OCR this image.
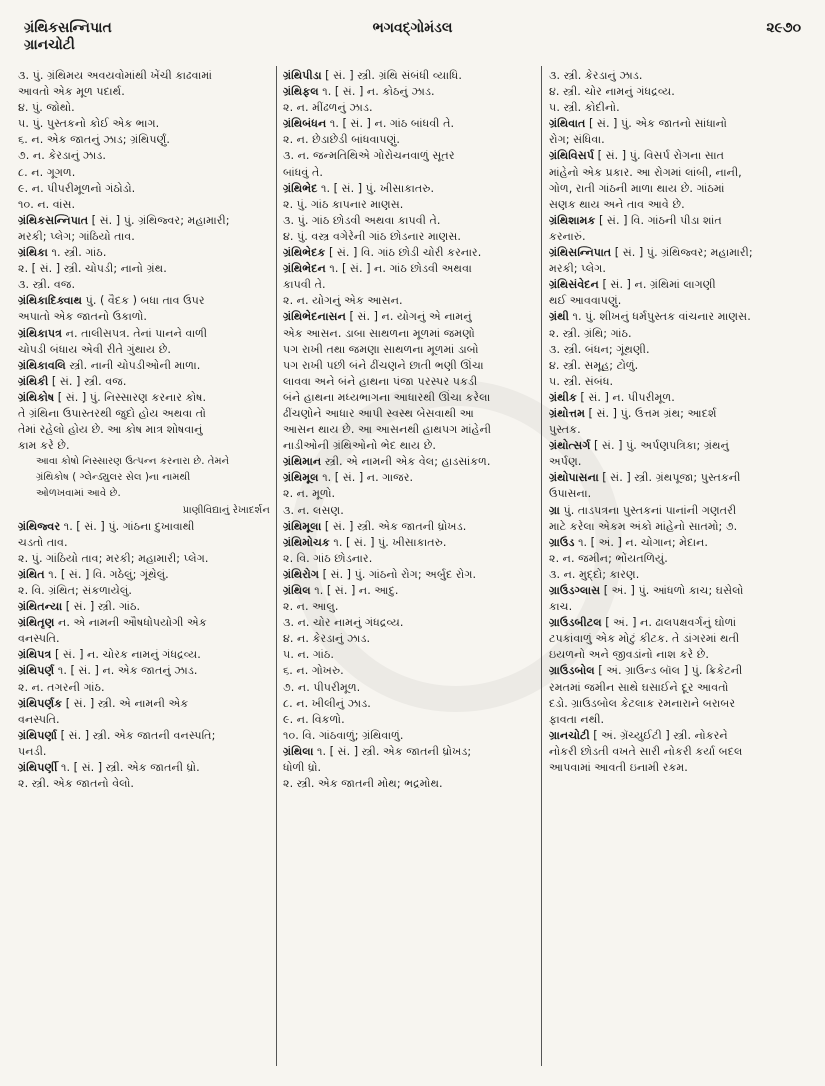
ગ્રંથિકસન્નિપાત
ગ્રાનચોટી
ભગવદ્ગોમંડલ	૨૯૭૦
૩. પું. ગ્રંથિમય અવયવોમાંથી ખેંચી કાઢવામાં
આવતો એક મૂળ પદાર્થ.
૪. પું. જોથો.
૫. પું. પુસ્તકનો કોઈ એક ભાગ.
૬. ન. એક જાતનું ઝાડ; ગ્રંથિપર્ણું.
૭. ન. કેરડાનું ઝાડ.
૮. ન. ગૂગળ.
૯. ન. પીપરીમૂળનો ગંઠોડો.
૧૦. ન. વાંસ.
ગ્રંથિકસન્નિપાત [ સં. ] પું. ગ્રંથિજ્વર; મહામારી;
મરકી; પ્લેગ; ગાંઠિયો તાવ.
ગ્રંથિકા ૧. સ્ત્રી. ગાંઠ.
૨. [ સં. ] સ્ત્રી. ચોપડી; નાનો ગ્રંથ.
૩. સ્ત્રી. વજ.
ગ્રંથિકાદિક્વાથ પું. ( વૈદક ) બધા તાવ ઉપર
અપાતો એક જાતનો ઉકાળો.
ગ્રંથિકાપત્ર ન. તાલીસપત્ર. તેનાં પાનને વાળી
ચોપડી બંધાય એવી રીતે ગુંથાય છે.
ગ્રંથિકાવલિ સ્ત્રી. નાની ચોપડીઓની માળા.
ગ્રંથિકી [ સં. ] સ્ત્રી. વજ.
ગ્રંથિકોષ [ સં. ] પું. નિસ્સારણ કરનાર કોષ.
તે ગ્રંથિના ઉપાસ્તરથી જુદો હોય અથવા તો
તેમાં રહેલો હોય છે. આ કોષ માત્ર શોષવાનું
કામ કરે છે.
આવા કોષો નિસ્સારણ ઉત્પન્ન કરનારા છે. તેમને
ગ્રંથિકોષ ( ગ્લેન્ડ્યુલર સેલ )ના નામથી
ઓળખવામાં આવે છે.
પ્રાણીવિદ્યાનું રેખાદર્શન
ગ્રંથિજ્વર ૧. [ સં. ] પું. ગાંઠના દુખાવાથી
ચડતો તાવ.
૨. પું. ગાંઠિયો તાવ; મરકી; મહામારી; પ્લેગ.
ગ્રંથિત ૧. [ સં. ] વિ. ગઠેલું; ગૂંથેલું.
૨. વિ. ગ્રંથિત; સંકળાયેલું.
ગ્રંથિતન્યા [ સં. ] સ્ત્રી. ગાંઠ.
ગ્રંથિતૃણ ન. એ નામની ઔષધોપયોગી એક
વનસ્પતિ.
ગ્રંથિપત્ર [ સં. ] ન. ચોરક નામનું ગંધદ્રવ્ય.
ગ્રંથિપર્ણ ૧. [ સં. ] ન. એક જાતનું ઝાડ.
૨. ન. તગરની ગાંઠ.
ગ્રંથિપર્ણક [ સં. ] સ્ત્રી. એ નામની એક
વનસ્પતિ.
ગ્રંથિપર્ણા [ સં. ] સ્ત્રી. એક જાતની વનસ્પતિ;
પનડી.
ગ્રંથિપર્ણી ૧. [ સં. ] સ્ત્રી. એક જાતની ધ્રો.
૨. સ્ત્રી. એક જાતનો વેલો.
ગ્રંથિપીડા [ સં. ] સ્ત્રી. ગ્રંથિ સંબંધી વ્યાધિ.
ગ્રંથિફલ ૧. [ સં. ] ન. કોઠનું ઝાડ.
૨. ન. મીંઢળનું ઝાડ.
ગ્રંથિબંધન ૧. [ સં. ] ન. ગાંઠ બાંધવી તે.
૨. ન. છેડાછેડી બાંધવાપણું.
૩. ન. જન્મતિથિએ ગોરોચનવાળું સૂતર
બાંધવું તે.
ગ્રંથિભેદ ૧. [ સં. ] પું. ખીસાકાતરુ.
૨. પું. ગાંઠ કાપનાર માણસ.
૩. પું. ગાંઠ છોડવી અથવા કાપવી તે.
૪. પું. વસ્ત્ર વગેરેની ગાંઠ છોડનાર માણસ.
ગ્રંથિભેદક [ સં. ] વિ. ગાંઠ છોડી ચોરી કરનાર.
ગ્રંથિભેદન ૧. [ સં. ] ન. ગાંઠ છોડવી અથવા
કાપવી તે.
૨. ન. યોગનું એક આસન.
ગ્રંથિભેદનાસન [ સં. ] ન. યોગનું એ નામનું
એક આસન. ડાબા સાથળના મૂળમાં જમણો
પગ રાખી તથા જમણા સાથળના મૂળમાં ડાબો
પગ રાખી પછી બંને ઢીંચણને છાતી ભણી ઊંચા
લાવવા અને બંને હાથના પંજા પરસ્પર પકડી
બંને હાથના મધ્યભાગના આધારથી ઊંચા કરેલા
ઢીંચણોને આધાર આપી સ્વસ્થ બેસવાથી આ
આસન થાય છે. આ આસનથી હાથપગ માંહેની
નાડીઓની ગ્રંથિઓનો ભેદ થાય છે.
ગ્રંથિમાન સ્ત્રી. એ નામની એક વેલ; હાડસાંકળ.
ગ્રંથિમૂલ ૧. [ સં. ] ન. ગાજર.
૨. ન. મૂળો.
૩. ન. લસણ.
ગ્રંથિમૂલા [ સં. ] સ્ત્રી. એક જાતની ધ્રોખડ.
ગ્રંથિમોચક ૧. [ સં. ] પું. ખીસાકાતરુ.
૨. વિ. ગાંઠ છોડનાર.
ગ્રંથિરોગ [ સં. ] પું. ગાંઠનો રોગ; અર્બુદ રોગ.
ગ્રંથિલ ૧. [ સં. ] ન. આદુ.
૨. ન. આલુ.
૩. ન. ચોર નામનું ગંધદ્રવ્ય.
૪. ન. કેરડાનું ઝાડ.
૫. ન. ગાંઠ.
૬. ન. ગોખરુ.
૭. ન. પીપરીમૂળ.
૮. ન. ખીલીનું ઝાડ.
૯. ન. વિકળો.
૧૦. વિ. ગાંઠવાળું; ગ્રંથિવાળું.
ગ્રંથિલા ૧. [ સં. ] સ્ત્રી. એક જાતની ધ્રોખડ;
ધોળી ધ્રો.
૨. સ્ત્રી. એક જાતની મોથ; ભદ્રમોથ.
૩. સ્ત્રી. કેરડાનું ઝાડ.
૪. સ્ત્રી. ચોર નામનું ગંધદ્રવ્ય.
૫. સ્ત્રી. કોદીનો.
ગ્રંથિવાત [ સં. ] પું. એક જાતનો સાંધાનો
રોગ; સંધિવા.
ગ્રંથિવિસર્પ [ સં. ] પું. વિસર્પ રોગના સાત
માંહેનો એક પ્રકાર. આ રોગમાં લાંબી, નાની,
ગોળ, રાતી ગાંઠની માળા થાય છે. ગાંઠમાં
સણક થાય અને તાવ આવે છે.
ગ્રંથિશામક [ સં. ] વિ. ગાંઠની પીડા શાંત
કરનારું.
ગ્રંથિસન્નિપાત [ સં. ] પું. ગ્રંથિજ્વર; મહામારી;
મરકી; પ્લેગ.
ગ્રંથિસંવેદન [ સં. ] ન. ગ્રંથિમાં લાગણી
થઈ આવવાપણું.
ગ્રંથી ૧. પું. શીખનું ધર્મપુસ્તક વાંચનાર માણસ.
૨. સ્ત્રી. ગ્રંથિ; ગાંઠ.
૩. સ્ત્રી. બંધન; ગૂંથણી.
૪. સ્ત્રી. સમૂહ; ટોળું.
૫. સ્ત્રી. સંબંધ.
ગ્રંથીક [ સં. ] ન. પીપરીમૂળ.
ગ્રંથોત્તમ [ સં. ] પું. ઉત્તમ ગ્રંથ; આદર્શ
પુસ્તક.
ગ્રંથોત્સર્ગ [ સં. ] પું. અર્પણપત્રિકા; ગ્રંથનું
અર્પણ.
ગ્રંથોપાસના [ સં. ] સ્ત્રી. ગ્રંથપૂજા; પુસ્તકની
ઉપાસના.
ગ્રા પું. તાડપત્રના પુસ્તકનાં પાનાંની ગણતરી
માટે કરેલા એકમ અંકો માંહેનો સાતમો; ૭.
ગ્રાઉંડ ૧. [ અં. ] ન. ચોગાન; મેદાન.
૨. ન. જમીન; ભોંયતળિયું.
૩. ન. મુદ્દો; કારણ.
ગ્રાઉંડગ્લાસ [ અં. ] પું. આંધળો કાચ; ઘસેલો
કાચ.
ગ્રાઉંડબીટલ [ અં. ] ન. ઢાલપક્ષવર્ગનું ઘોળાં
ટપકાંવાળું એક મોટું કીટક. તે ડાંગરમાં થતી
ઇયળનો અને જીવડાંનો નાશ કરે છે.
ગ્રાઉંડબોલ [ અં. ગ્રાઉન્ડ બૉલ ] પું. ક્રિકેટની
રમતમાં જમીન સાથે ઘસાઈને દૂર આવતો
દડો. ગ્રાઉંડબોલ કેટલાક રમનારાને બરાબર
ફાવતા નથી.
ગ્રાનચોટી [ અં. ગ્રૅચ્યુઈટી ] સ્ત્રી. નોકરને
નોકરી છોડતી વખતે સારી નોકરી કર્યા બદલ
આપવામાં આવતી ઇનામી રકમ.
